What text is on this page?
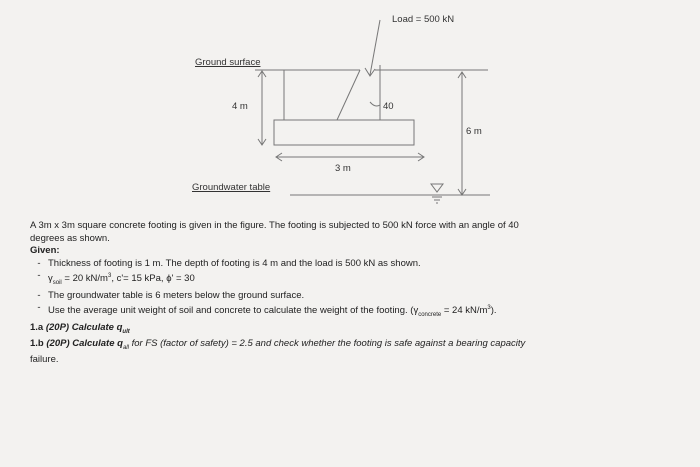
Load = 500 kN
Ground surface
4 m	40
6 m
3 m
Groundwater table

A 3m x 3m square concrete footing is given in the figure. The footing is subjected to 500 kN force with an angle of 40

degrees as shown.

Given:

- Thickness of footing is 1 m. The depth of footing is 4 m and the load is 500 kN as shown.
- $\gamma_{soil} = 20$ $kN/m^3$, c'= 15 kPa, ϕ' = 30
- The groundwater table is 6 meters below the ground surface.
- Use the average unit weight of soil and concrete to calculate the weight of the footing. ($\gamma_{concrete} = 24$ $kN/m^3$).

1.a (20P) Calculate $q_{ult}$

1.b (20P) Calculate $q_{all}$ for FS (factor of safety) = 2.5 and check whether the footing is safe against a bearing capacity

failure.
